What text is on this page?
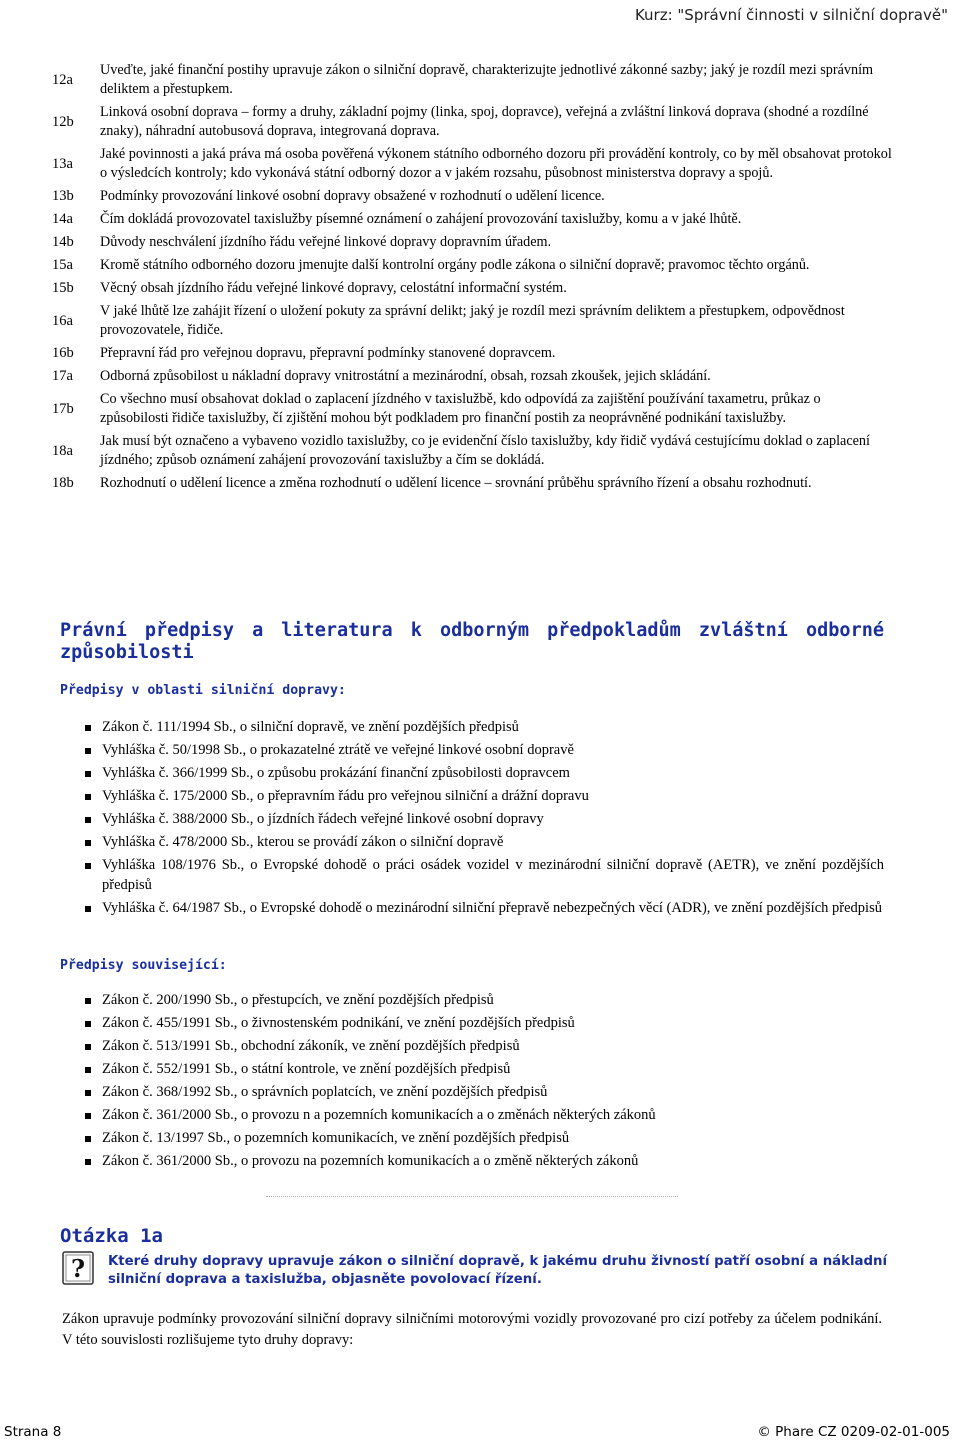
Kurz: "Správní činnosti v silniční dopravě"
12a	Uveďte, jaké finanční postihy upravuje zákon o silniční dopravě, charakterizujte jednotlivé zákonné sazby; jaký je rozdíl mezi správním deliktem a přestupkem.
12b	Linková osobní doprava – formy a druhy, základní pojmy (linka, spoj, dopravce), veřejná a zvláštní linková doprava (shodné a rozdílné znaky), náhradní autobusová doprava, integrovaná doprava.
13a	Jaké povinnosti a jaká práva má osoba pověřená výkonem státního odborného dozoru při provádění kontroly, co by měl obsahovat protokol o výsledcích kontroly; kdo vykonává státní odborný dozor a v jakém rozsahu, působnost ministerstva dopravy a spojů.
13b	Podmínky provozování linkové osobní dopravy obsažené v rozhodnutí o udělení licence.
14a	Čím dokládá provozovatel taxislužby písemné oznámení o zahájení provozování taxislužby, komu a v jaké lhůtě.
14b	Důvody neschválení jízdního řádu veřejné linkové dopravy dopravním úřadem.
15a	Kromě státního odborného dozoru jmenujte další kontrolní orgány podle zákona o silniční dopravě; pravomoc těchto orgánů.
15b	Věcný obsah jízdního řádu veřejné linkové dopravy, celostátní informační systém.
16a	V jaké lhůtě lze zahájit řízení o uložení pokuty za správní delikt; jaký je rozdíl mezi správním deliktem a přestupkem, odpovědnost provozovatele, řidiče.
16b	Přepravní řád pro veřejnou dopravu, přepravní podmínky stanovené dopravcem.
17a	Odborná způsobilost u nákladní dopravy vnitrostátní a mezinárodní, obsah, rozsah zkoušek, jejich skládání.
17b	Co všechno musí obsahovat doklad o zaplacení jízdného v taxislužbě, kdo odpovídá za zajištění používání taxametru, průkaz o způsobilosti řidiče taxislužby, čí zjištění mohou být podkladem pro finanční postih za neoprávněné podnikání taxislužby.
18a	Jak musí být označeno a vybaveno vozidlo taxislužby, co je evidenční číslo taxislužby, kdy řidič vydává cestujícímu doklad o zaplacení jízdného; způsob oznámení zahájení provozování taxislužby a čím se dokládá.
18b	Rozhodnutí o udělení licence a změna rozhodnutí o udělení licence – srovnání průběhu správního řízení a obsahu rozhodnutí.
Právní předpisy a literatura k odborným předpokladům zvláštní odborné způsobilosti
Předpisy v oblasti silniční dopravy:
Zákon č. 111/1994 Sb., o silniční dopravě, ve znění pozdějších předpisů
Vyhláška č. 50/1998 Sb., o prokazatelné ztrátě ve veřejné linkové osobní dopravě
Vyhláška č. 366/1999 Sb., o způsobu prokázání finanční způsobilosti dopravcem
Vyhláška č. 175/2000 Sb., o přepravním řádu pro veřejnou silniční a drážní dopravu
Vyhláška č. 388/2000 Sb., o jízdních řádech veřejné linkové osobní dopravy
Vyhláška č. 478/2000 Sb., kterou se provádí zákon o silniční dopravě
Vyhláška 108/1976 Sb., o Evropské dohodě o práci osádek vozidel v mezinárodní silniční dopravě (AETR), ve znění pozdějších předpisů
Vyhláška č. 64/1987 Sb., o Evropské dohodě o mezinárodní silniční přepravě nebezpečných věcí (ADR), ve znění pozdějších předpisů
Předpisy související:
Zákon č. 200/1990 Sb., o přestupcích, ve znění pozdějších předpisů
Zákon č. 455/1991 Sb., o živnostenském podnikání, ve znění pozdějších předpisů
Zákon č. 513/1991 Sb., obchodní zákoník, ve znění pozdějších předpisů
Zákon č. 552/1991 Sb., o státní kontrole, ve znění pozdějších předpisů
Zákon č. 368/1992 Sb., o správních poplatcích, ve znění pozdějších předpisů
Zákon č. 361/2000 Sb., o provozu n a pozemních komunikacích a o změnách některých zákonů
Zákon č. 13/1997 Sb., o pozemních komunikacích, ve znění pozdějších předpisů
Zákon č. 361/2000 Sb., o provozu na pozemních komunikacích a o změně některých zákonů
Otázka 1a
? Které druhy dopravy upravuje zákon o silniční dopravě, k jakému druhu živností patří osobní a nákladní silniční doprava a taxislužba, objasněte povolovací řízení.
Zákon upravuje podmínky provozování silniční dopravy silničními motorovými vozidly provozované pro cizí potřeby za účelem podnikání. V této souvislosti rozlišujeme tyto druhy dopravy:
Strana 8	© Phare CZ 0209-02-01-005
